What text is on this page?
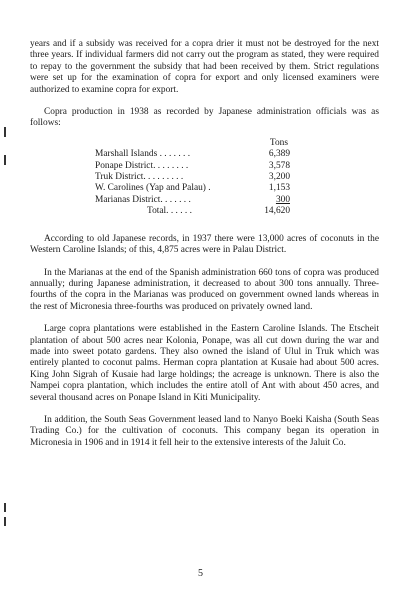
years and if a subsidy was received for a copra drier it must not be destroyed for the next three years. If individual farmers did not carry out the program as stated, they were required to repay to the government the subsidy that had been received by them. Strict regulations were set up for the examination of copra for export and only licensed examiners were authorized to examine copra for export.

Copra production in 1938 as recorded by Japanese administration officials was as follows:

Tons
Marshall Islands . . . . . . .	6,389
Ponape District. . . . . . . .	3,578
Truk District. . . . . . . . .	3,200
W. Carolines (Yap and Palau) .	1,153
Marianas District. . . . . . .	300
Total. . . . . .	14,620

According to old Japanese records, in 1937 there were 13,000 acres of coconuts in the Western Caroline Islands; of this, 4,875 acres were in Palau District.

In the Marianas at the end of the Spanish administration 660 tons of copra was produced annually; during Japanese administration, it decreased to about 300 tons annually. Three-fourths of the copra in the Marianas was produced on government owned lands whereas in the rest of Micronesia three-fourths was produced on privately owned land.

Large copra plantations were established in the Eastern Caroline Islands. The Etscheit plantation of about 500 acres near Kolonia, Ponape, was all cut down during the war and made into sweet potato gardens. They also owned the island of Ulul in Truk which was entirely planted to coconut palms. Herman copra plantation at Kusaie had about 500 acres. King John Sigrah of Kusaie had large holdings; the acreage is unknown. There is also the Nampei copra plantation, which includes the entire atoll of Ant with about 450 acres, and several thousand acres on Ponape Island in Kiti Municipality.

In addition, the South Seas Government leased land to Nanyo Boeki Kaisha (South Seas Trading Co.) for the cultivation of coconuts. This company began its operation in Micronesia in 1906 and in 1914 it fell heir to the extensive interests of the Jaluit Co.

5
